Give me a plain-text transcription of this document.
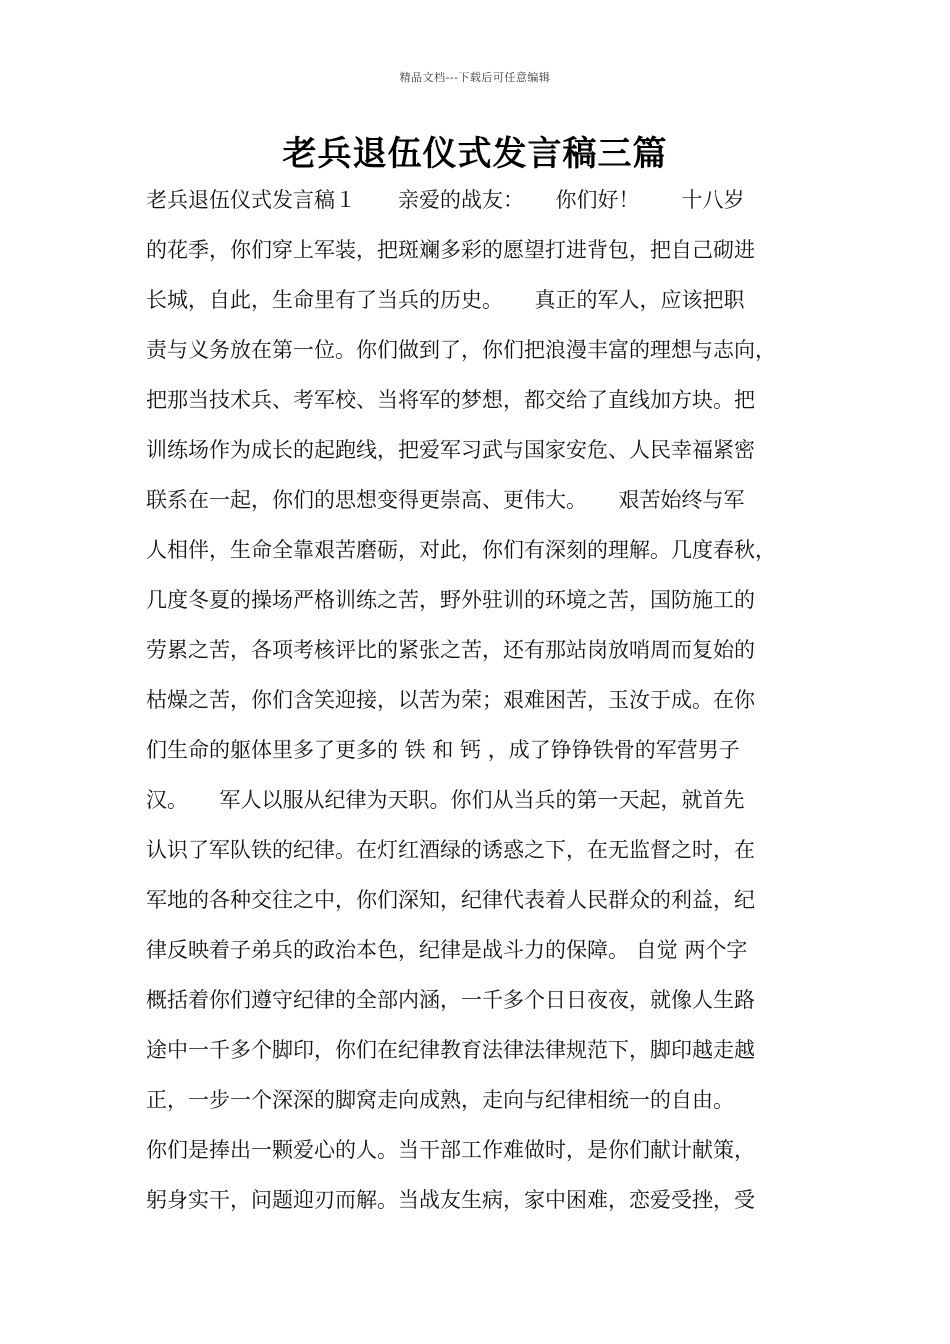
精品文档---下载后可任意编辑
老兵退伍仪式发言稿三篇
老兵退伍仪式发言稿１　　亲爱的战友：　　你们好！　　十八岁
的花季，你们穿上军装，把斑斓多彩的愿望打进背包，把自己砌进
长城，自此，生命里有了当兵的历史。　　真正的军人，应该把职
责与义务放在第一位。你们做到了，你们把浪漫丰富的理想与志向，
把那当技术兵、考军校、当将军的梦想，都交给了直线加方块。把
训练场作为成长的起跑线，把爱军习武与国家安危、人民幸福紧密
联系在一起，你们的思想变得更崇高、更伟大。　　艰苦始终与军
人相伴，生命全靠艰苦磨砺，对此，你们有深刻的理解。几度春秋，
几度冬夏的操场严格训练之苦，野外驻训的环境之苦，国防施工的
劳累之苦，各项考核评比的紧张之苦，还有那站岗放哨周而复始的
枯燥之苦，你们含笑迎接，以苦为荣；艰难困苦，玉汝于成。在你
们生命的躯体里多了更多的 铁 和 钙 ，成了铮铮铁骨的军营男子
汉。　　军人以服从纪律为天职。你们从当兵的第一天起，就首先
认识了军队铁的纪律。在灯红酒绿的诱惑之下，在无监督之时，在
军地的各种交往之中，你们深知，纪律代表着人民群众的利益，纪
律反映着子弟兵的政治本色，纪律是战斗力的保障。 自觉 两个字
概括着你们遵守纪律的全部内涵，一千多个日日夜夜，就像人生路
途中一千多个脚印，你们在纪律教育法律法律规范下，脚印越走越
正，一步一个深深的脚窝走向成熟，走向与纪律相统一的自由。
你们是捧出一颗爱心的人。当干部工作难做时，是你们献计献策，
躬身实干，问题迎刃而解。当战友生病，家中困难，恋爱受挫，受
